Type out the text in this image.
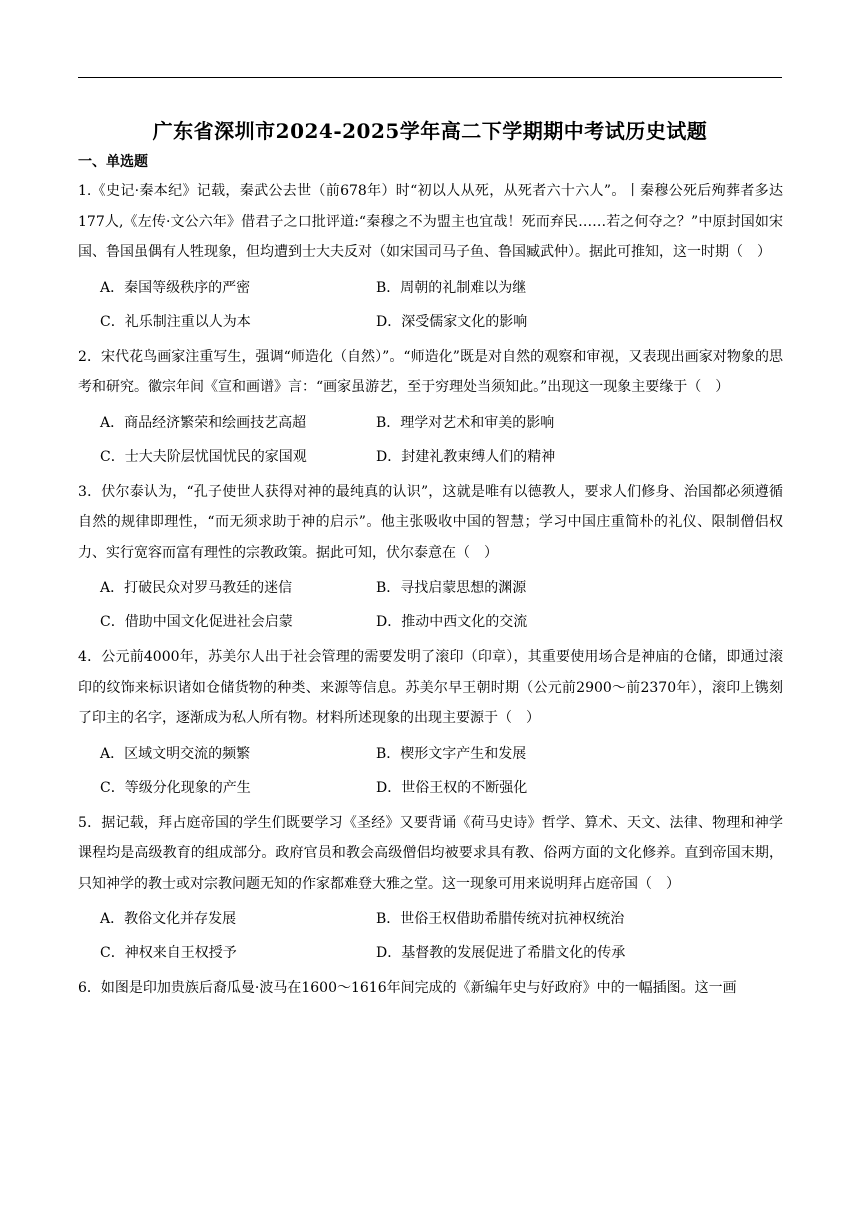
广东省深圳市2024-2025学年高二下学期期中考试历史试题
一、单选题

1.《史记·秦本纪》记载，秦武公去世（前678年）时“初以人从死，从死者六十六人”。丨秦穆公死后殉葬者多达177人,《左传·文公六年》借君子之口批评道:“秦穆之不为盟主也宜哉！死而弃民……若之何夺之？”中原封国如宋国、鲁国虽偶有人牲现象，但均遭到士大夫反对（如宋国司马子鱼、鲁国臧武仲）。据此可推知，这一时期（　）

A．秦国等级秩序的严密	B．周朝的礼制难以为继
C．礼乐制注重以人为本	D．深受儒家文化的影响

2．宋代花鸟画家注重写生，强调“师造化（自然）”。“师造化”既是对自然的观察和审视，又表现出画家对物象的思考和研究。徽宗年间《宣和画谱》言：“画家虽游艺，至于穷理处当须知此。”出现这一现象主要缘于（　）

A．商品经济繁荣和绘画技艺高超	B．理学对艺术和审美的影响
C．士大夫阶层忧国忧民的家国观	D．封建礼教束缚人们的精神

3．伏尔泰认为，“孔子使世人获得对神的最纯真的认识”，这就是唯有以德教人，要求人们修身、治国都必须遵循自然的规律即理性，“而无须求助于神的启示”。他主张吸收中国的智慧；学习中国庄重简朴的礼仪、限制僧侣权力、实行宽容而富有理性的宗教政策。据此可知，伏尔泰意在（　）

A．打破民众对罗马教廷的迷信	B．寻找启蒙思想的渊源
C．借助中国文化促进社会启蒙	D．推动中西文化的交流

4．公元前4000年，苏美尔人出于社会管理的需要发明了滚印（印章），其重要使用场合是神庙的仓储，即通过滚印的纹饰来标识诸如仓储货物的种类、来源等信息。苏美尔早王朝时期（公元前2900～前2370年），滚印上镌刻了印主的名字，逐渐成为私人所有物。材料所述现象的出现主要源于（　）

A．区域文明交流的频繁	B．楔形文字产生和发展
C．等级分化现象的产生	D．世俗王权的不断强化

5．据记载，拜占庭帝国的学生们既要学习《圣经》又要背诵《荷马史诗》哲学、算术、天文、法律、物理和神学课程均是高级教育的组成部分。政府官员和教会高级僧侣均被要求具有教、俗两方面的文化修养。直到帝国末期，只知神学的教士或对宗教问题无知的作家都难登大雅之堂。这一现象可用来说明拜占庭帝国（　）

A．教俗文化并存发展	B．世俗王权借助希腊传统对抗神权统治
C．神权来自王权授予	D．基督教的发展促进了希腊文化的传承

6．如图是印加贵族后裔瓜曼·波马在1600～1616年间完成的《新编年史与好政府》中的一幅插图。这一画
